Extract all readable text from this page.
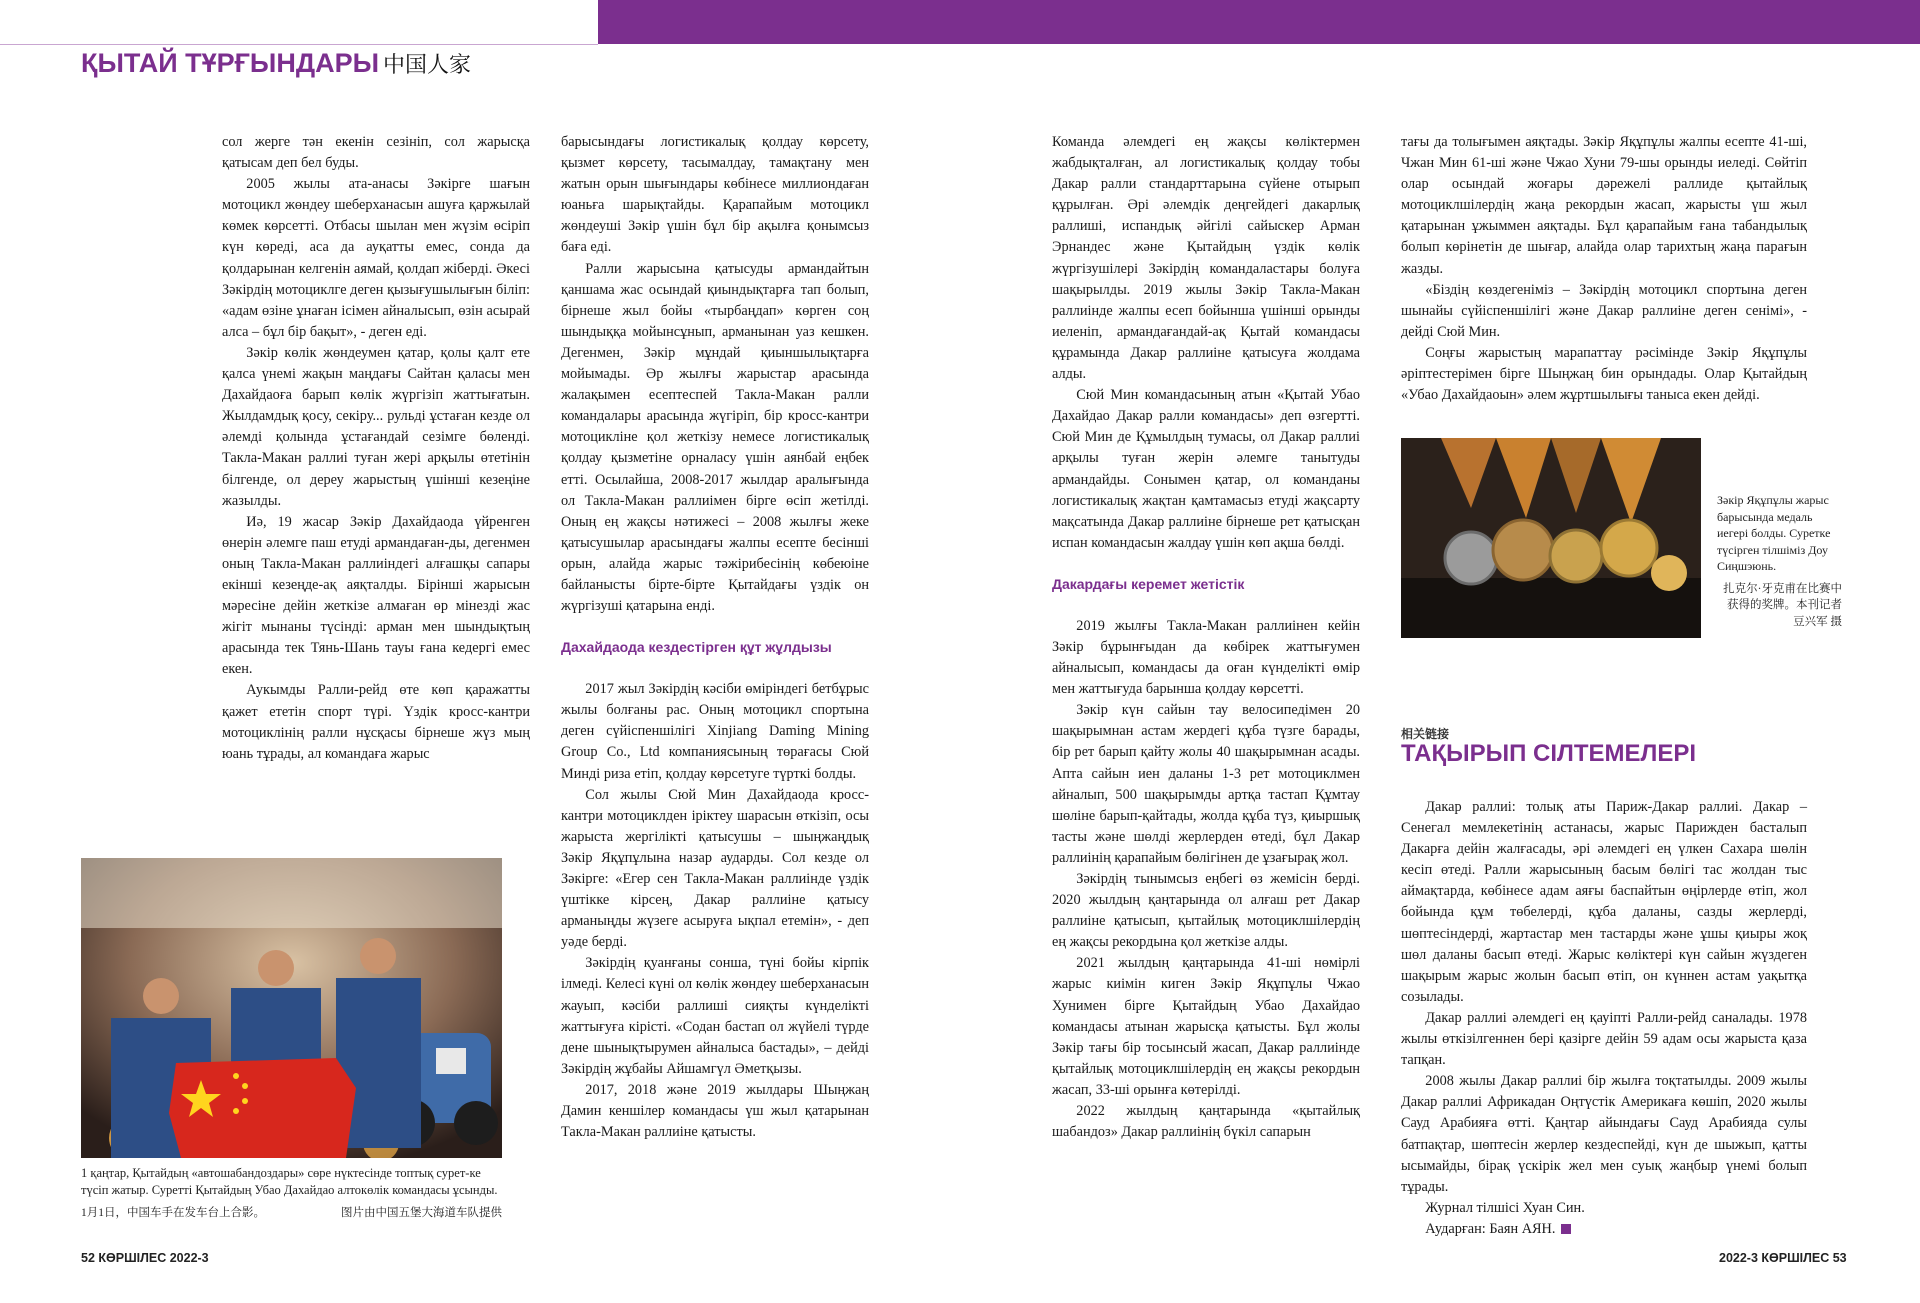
ҚЫТАЙ ТҰРҒЫНДАРЫ 中国人家

сол жерге тән екенін сезініп, сол жарысқа қатысам деп бел буды.

2005 жылы ата-анасы Зәкірге шағын мотоцикл жөндеу шеберханасын ашуға қаржылай көмек көрсетті. Отбасы шылан мен жүзім өсіріп күн көреді, аса да ауқатты емес, сонда да қолдарынан келгенін аямай, қолдап жіберді. Әкесі Зәкірдің мотоциклге деген қызығушылығын біліп: «адам өзіне ұнаған ісімен айналысып, өзін асырай алса – бұл бір бақыт», - деген еді.

Зәкір көлік жөндеумен қатар, қолы қалт ете қалса үнемі жақын маңдағы Сайтан қаласы мен Дахайдаоға барып көлік жүргізіп жаттығатын. Жылдамдық қосу, секіру... рульді ұстаған кезде ол әлемді қолында ұстағандай сезімге бөленді. Такла-Макан раллиі туған жері арқылы өтетінін білгенде, ол дереу жарыстың үшінші кезеңіне жазылды.

Иә, 19 жасар Зәкір Дахайдаода үйренген өнерін әлемге паш етуді армандаған-ды, дегенмен оның Такла-Макан раллиіндегі алғашқы сапары екінші кезеңде-ақ аяқталды. Бірінші жарысын мәресіне дейін жеткізе алмаған өр мінезді жас жігіт мынаны түсінді: арман мен шындықтың арасында тек Тянь-Шань тауы ғана кедергі емес екен.

Аукымды Ралли-рейд өте көп қаражатты қажет ететін спорт түрі. Үздік кросс-кантри мотоциклінің ралли нұсқасы бірнеше жүз мың юань тұрады, ал командаға жарыс

1 қаңтар, Қытайдың «автошабандоздары» сөре нүктесінде топтық сурет-ке түсіп жатыр. Суретті Қытайдың Убао Дахайдао алтокөлік командасы ұсынды.

1月1日，中国车手在发车台上合影。	图片由中国五堡大海道车队提供

барысындағы логистикалық қолдау көрсету, қызмет көрсету, тасымалдау, тамақтану мен жатын орын шығындары көбінесе миллиондаған юаньға шарықтайды. Қарапайым мотоцикл жөндеуші Зәкір үшін бұл бір ақылға қонымсыз баға еді.

Ралли жарысына қатысуды армандайтын қаншама жас осындай қиындықтарға тап болып, бірнеше жыл бойы «тырбаңдап» көрген соң шындыққа мойынсұнып, арманынан уаз кешкен. Дегенмен, Зәкір мұндай қиыншылықтарға мойымады. Әр жылғы жарыстар арасында жалақымен есептеспей Такла-Макан ралли командалары арасында жүгіріп, бір кросс-кантри мотоцикліне қол жеткізу немесе логистикалық қолдау қызметіне орналасу үшін аянбай еңбек етті. Осылайша, 2008-2017 жылдар аралығында ол Такла-Макан раллиімен бірге өсіп жетілді. Оның ең жақсы нәтижесі – 2008 жылғы жеке қатысушылар арасындағы жалпы есепте бесінші орын, алайда жарыс тәжірибесінің көбеюіне байланысты біртe-біртe Қытайдағы үздік он жүргізуші қатарына енді.

Дахайдаода кездестірген құт жұлдызы

2017 жыл Зәкірдің кәсіби өміріндегі бетбұрыс жылы болғаны рас. Оның мотоцикл спортына деген сүйіспеншілігі Xinjiang Daming Mining Group Co., Ltd компаниясының төрағасы Сюй Минді риза етіп, қолдау көрсетуге түрткі болды.

Сол жылы Сюй Мин Дахайдаода кросс-кантри мотоциклден іріктеу шарасын өткізіп, осы жарыста жергілікті қатысушы – шыңжаңдық Зәкір Яқұпұлына назар аударды. Сол кезде ол Зәкірге: «Егер сен Такла-Макан раллиінде үздік үштікке кірсең, Дакар раллиіне қатысу арманыңды жүзеге асыруға ықпал етемін», - деп уәде берді.

Зәкірдің қуанғаны сонша, түні бойы кірпік ілмеді. Келесі күні ол көлік жөндеу шеберханасын жауып, кәсіби раллиші сияқты күнделікті жаттығуға кірісті. «Содан бастап ол жүйелі түрде дене шынықтырумен айналыса бастады», – дейді Зәкірдің жұбайы Айшамгүл Әметқызы.

2017, 2018 және 2019 жылдары Шыңжаң Дамин кеншілер командасы үш жыл қатарынан Такла-Макан раллиіне қатысты.

Команда әлемдегі ең жақсы көліктермен жабдықталған, ал логистикалық қолдау тобы Дакар ралли стандарттарына сүйене отырып құрылған. Әрі әлемдік деңгейдегі дакарлық раллиші, испандық әйгілі сайыскер Арман Эрнандес және Қытайдың үздік көлік жүргізушілері Зәкірдің командаластары болуға шақырылды. 2019 жылы Зәкір Такла-Макан раллиінде жалпы есеп бойынша үшінші орынды иеленіп, армандағандай-ақ Қытай командасы құрамында Дакар раллиіне қатысуға жолдама алды.

Сюй Мин командасының атын «Қытай Убао Дахайдао Дакар ралли командасы» деп өзгертті. Сюй Мин де Құмылдың тумасы, ол Дакар раллиі арқылы туған жерін әлемге танытуды армандайды. Сонымен қатар, ол команданы логистикалық жақтан қамтамасыз етуді жақсарту мақсатында Дакар раллиіне бірнеше рет қатысқан испан командасын жалдау үшін көп ақша бөлді.

Дакардағы керемет жетістік

2019 жылғы Такла-Макан раллиінен кейін Зәкір бұрынғыдан да көбірек жаттығумен айналысып, командасы да оған күнделікті өмір мен жаттығуда барынша қолдау көрсетті.

Зәкір күн сайын тау велосипедімен 20 шақырымнан астам жердегі құба түзге барады, бір рет барып қайту жолы 40 шақырымнан асады. Апта сайын иен даланы 1-3 рет мотоциклмен айналып, 500 шақырымды артқа тастап Құмтау шөліне барып-қайтады, жолда құба түз, қиыршық тасты және шөлді жерлерден өтеді, бұл Дакар раллиінің қарапайым бөлігінен де ұзағырақ жол.

Зәкірдің тынымсыз еңбегі өз жемісін берді. 2020 жылдың қаңтарында ол алғаш рет Дакар раллиіне қатысып, қытайлық мотоциклшілердің ең жақсы рекордына қол жеткізе алды.

2021 жылдың қаңтарында 41-ші нөмірлі жарыс киімін киген Зәкір Яқұпұлы Чжао Хунимен бірге Қытайдың Убао Дахайдао командасы атынан жарысқа қатысты. Бұл жолы Зәкір тағы бір тосынсый жасап, Дакар раллиінде қытайлық мотоциклшілердің ең жақсы рекордын жасап, 33-ші орынға көтерілді.

2022 жылдың қаңтарында «қытайлық шабандоз» Дакар раллиінің бүкіл сапарын

тағы да толығымен аяқтады. Зәкір Яқұпұлы жалпы есепте 41-ші, Чжан Мин 61-ші және Чжао Хуни 79-шы орынды иеледі. Сөйтіп олар осындай жоғары дәрежелі раллиде қытайлық мотоциклшілердің жаңа рекордын жасап, жарысты үш жыл қатарынан ұжыммен аяқтады. Бұл қарапайым ғана табандылық болып көрінетін де шығар, алайда олар тарихтың жаңа парағын жазды.

«Біздің көздегеніміз – Зәкірдің мотоцикл спортына деген шынайы сүйіспеншілігі және Дакар раллиіне деген сенімі», - дейді Сюй Мин.

Соңғы жарыстың марапаттау рәсімінде Зәкір Яқұпұлы әріптестерімен бірге Шыңжаң бин орындады. Олар Қытайдың «Убао Дахайдаоын» әлем жұртшылығы таныса екен дейді.

Зәкір Яқұпұлы жарыс барысында медаль иегері болды. Суретке түсірген тілшіміз Доу Сиңшэюнь.

扎克尔·牙克甫在比赛中获得的奖牌。本刊记者 豆兴军 摄

相关链接
ТАҚЫРЫП СІЛТЕМЕЛЕРІ

Дакар раллиі: толық аты Париж-Дакар раллиі. Дакар – Сенегал мемлекетінің астанасы, жарыс Парижден басталып Дакарға дейін жалғасады, әрі әлемдегі ең үлкен Сахара шөлін кесіп өтеді. Ралли жарысының басым бөлігі тас жолдан тыс аймақтарда, көбінесе адам аяғы баспайтын өңірлерде өтіп, жол бойында құм төбелерді, құба даланы, сазды жерлерді, шөптесіндерді, жартастар мен тастарды және ұшы қиыры жоқ шөл даланы басып өтеді. Жарыс көліктері күн сайын жүздеген шақырым жарыс жолын басып өтіп, он күннен астам уақытқа созылады.

Дакар раллиі әлемдегі ең қауіпті Ралли-рейд саналады. 1978 жылы өткізілгеннен бері қазірге дейін 59 адам осы жарыста қаза тапқан.

2008 жылы Дакар раллиі бір жылға тоқтатылды. 2009 жылы Дакар раллиі Африкадан Оңтүстік Америкаға көшіп, 2020 жылы Сауд Арабияға өтті. Қаңтар айындағы Сауд Арабияда сулы батпақтар, шөптесін жерлер кездеспейді, күн де шыжып, қатты ысымайды, бірақ үскірік жел мен суық жаңбыр үнемі болып тұрады.

Журнал тілшісі Хуан Син.

Аударған: Баян АЯН.

52 КӨРШІЛЕС 2022-3	2022-3 КӨРШІЛЕС 53
